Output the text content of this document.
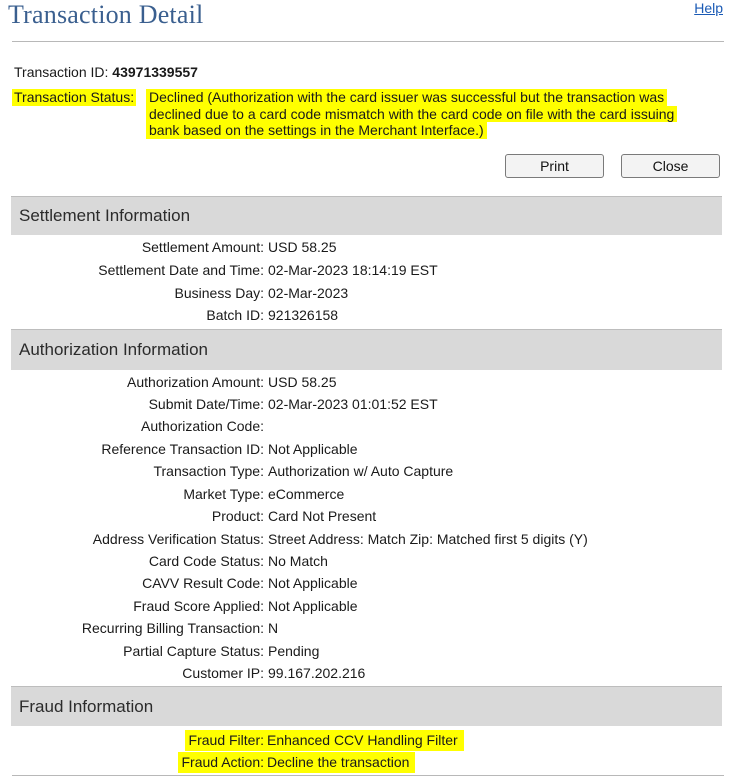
Transaction Detail	Help
Transaction ID: 43971339557
Transaction Status: Declined (Authorization with the card issuer was successful but the transaction was
declined due to a card code mismatch with the card code on file with the card issuing
bank based on the settings in the Merchant Interface.)
Print	Close
Settlement Information
Settlement Amount: USD 58.25
Settlement Date and Time: 02-Mar-2023 18:14:19 EST
Business Day: 02-Mar-2023
Batch ID: 921326158
Authorization Information
Authorization Amount: USD 58.25
Submit Date/Time: 02-Mar-2023 01:01:52 EST
Authorization Code:
Reference Transaction ID: Not Applicable
Transaction Type: Authorization w/ Auto Capture
Market Type: eCommerce
Product: Card Not Present
Address Verification Status: Street Address: Match Zip: Matched first 5 digits (Y)
Card Code Status: No Match
CAVV Result Code: Not Applicable
Fraud Score Applied: Not Applicable
Recurring Billing Transaction: N
Partial Capture Status: Pending
Customer IP: 99.167.202.216
Fraud Information
Fraud Filter: Enhanced CCV Handling Filter
Fraud Action: Decline the transaction
